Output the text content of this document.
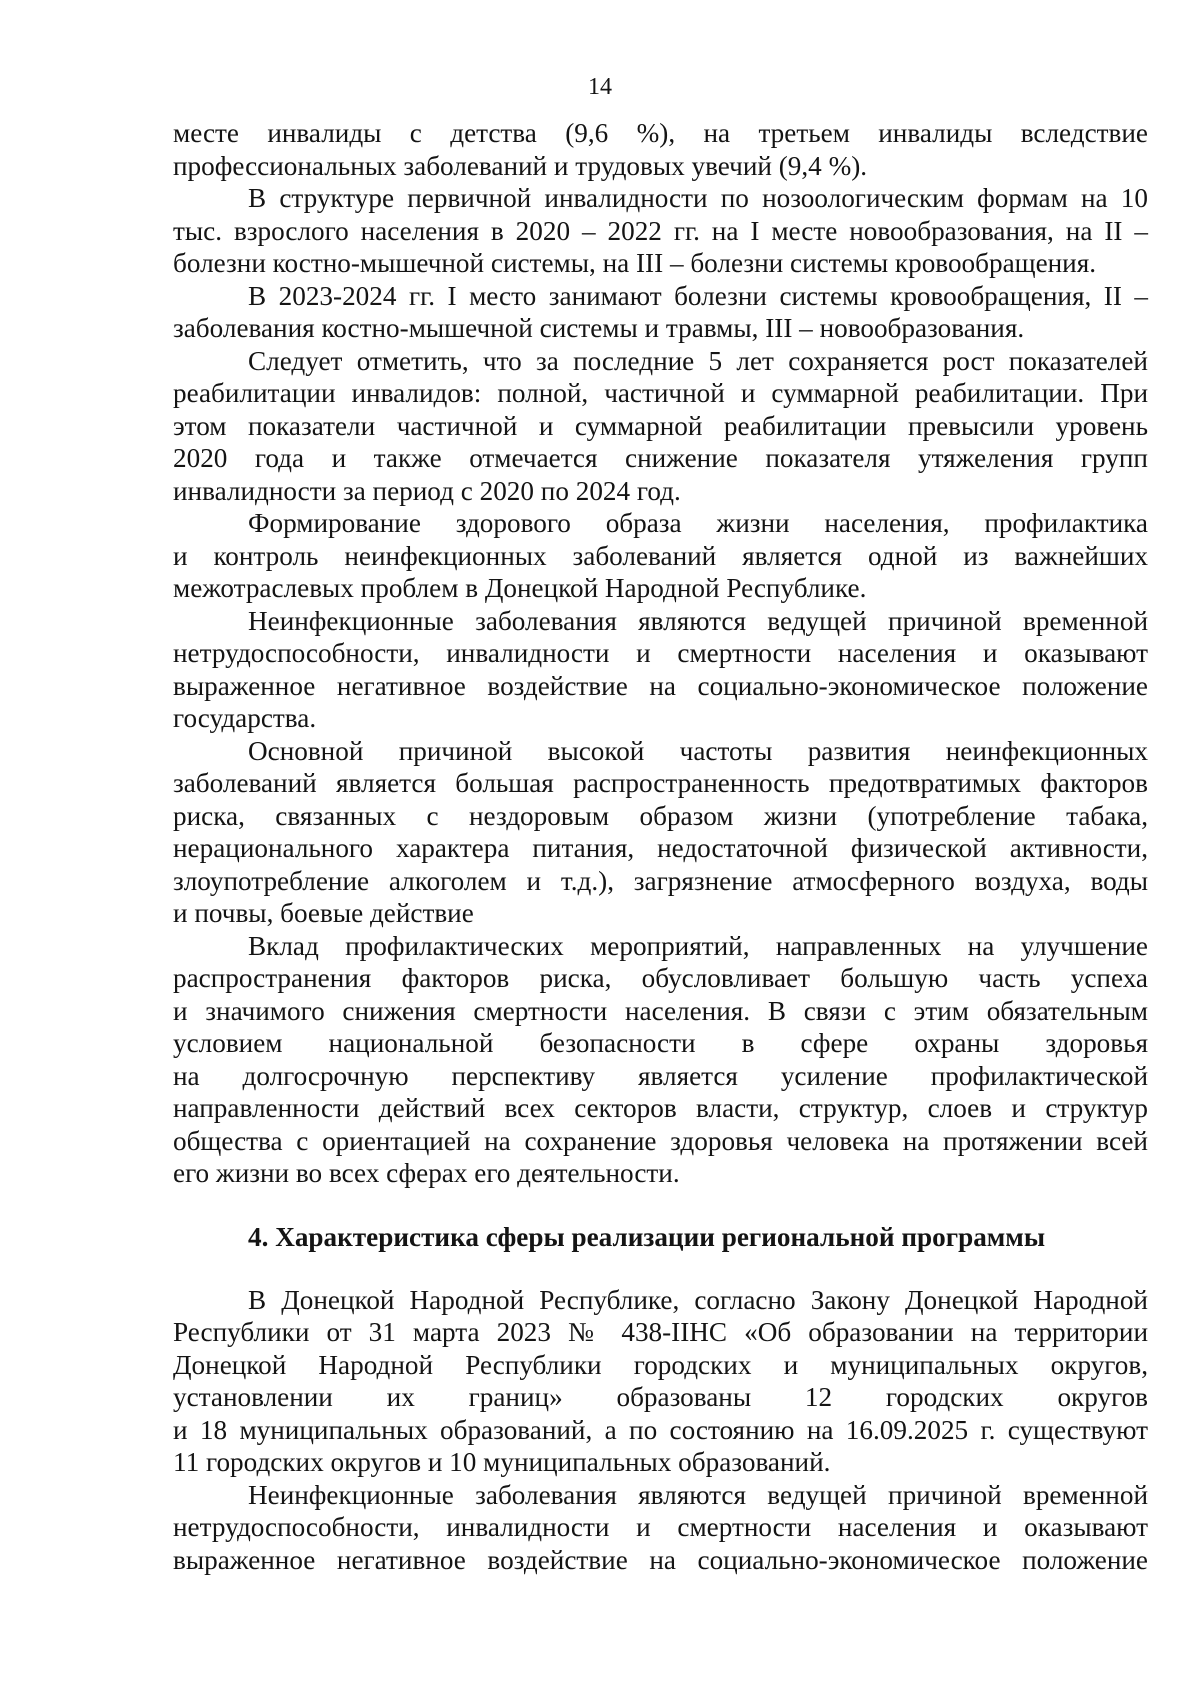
14

месте инвалиды с детства (9,6 %), на третьем инвалиды вследствие
профессиональных заболеваний и трудовых увечий (9,4 %).

В структуре первичной инвалидности по нозоологическим формам на 10
тыс. взрослого населения в 2020 – 2022 гг. на I месте новообразования, на II –
болезни костно-мышечной системы, на III – болезни системы кровообращения.

В 2023-2024 гг. I место занимают болезни системы кровообращения, II –
заболевания костно-мышечной системы и травмы, III – новообразования.

Следует отметить, что за последние 5 лет сохраняется рост показателей
реабилитации инвалидов: полной, частичной и суммарной реабилитации. При
этом показатели частичной и суммарной реабилитации превысили уровень
2020 года и также отмечается снижение показателя утяжеления групп
инвалидности за период с 2020 по 2024 год.

Формирование здорового образа жизни населения, профилактика
и контроль неинфекционных заболеваний является одной из важнейших
межотраслевых проблем в Донецкой Народной Республике.

Неинфекционные заболевания являются ведущей причиной временной
нетрудоспособности, инвалидности и смертности населения и оказывают
выраженное негативное воздействие на социально-экономическое положение
государства.

Основной причиной высокой частоты развития неинфекционных
заболеваний является большая распространенность предотвратимых факторов
риска, связанных с нездоровым образом жизни (употребление табака,
нерационального характера питания, недостаточной физической активности,
злоупотребление алкоголем и т.д.), загрязнение атмосферного воздуха, воды
и почвы, боевые действие

Вклад профилактических мероприятий, направленных на улучшение
распространения факторов риска, обусловливает большую часть успеха
и значимого снижения смертности населения. В связи с этим обязательным
условием национальной безопасности в сфере охраны здоровья
на долгосрочную перспективу является усиление профилактической
направленности действий всех секторов власти, структур, слоев и структур
общества с ориентацией на сохранение здоровья человека на протяжении всей
его жизни во всех сферах его деятельности.

4. Характеристика сферы реализации региональной программы

В Донецкой Народной Республике, согласно Закону Донецкой Народной
Республики от 31 марта 2023 № 438-IIНС «Об образовании на территории
Донецкой Народной Республики городских и муниципальных округов,
установлении их границ» образованы 12 городских округов
и 18 муниципальных образований, а по состоянию на 16.09.2025 г. существуют
11 городских округов и 10 муниципальных образований.

Неинфекционные заболевания являются ведущей причиной временной
нетрудоспособности, инвалидности и смертности населения и оказывают
выраженное негативное воздействие на социально-экономическое положение
